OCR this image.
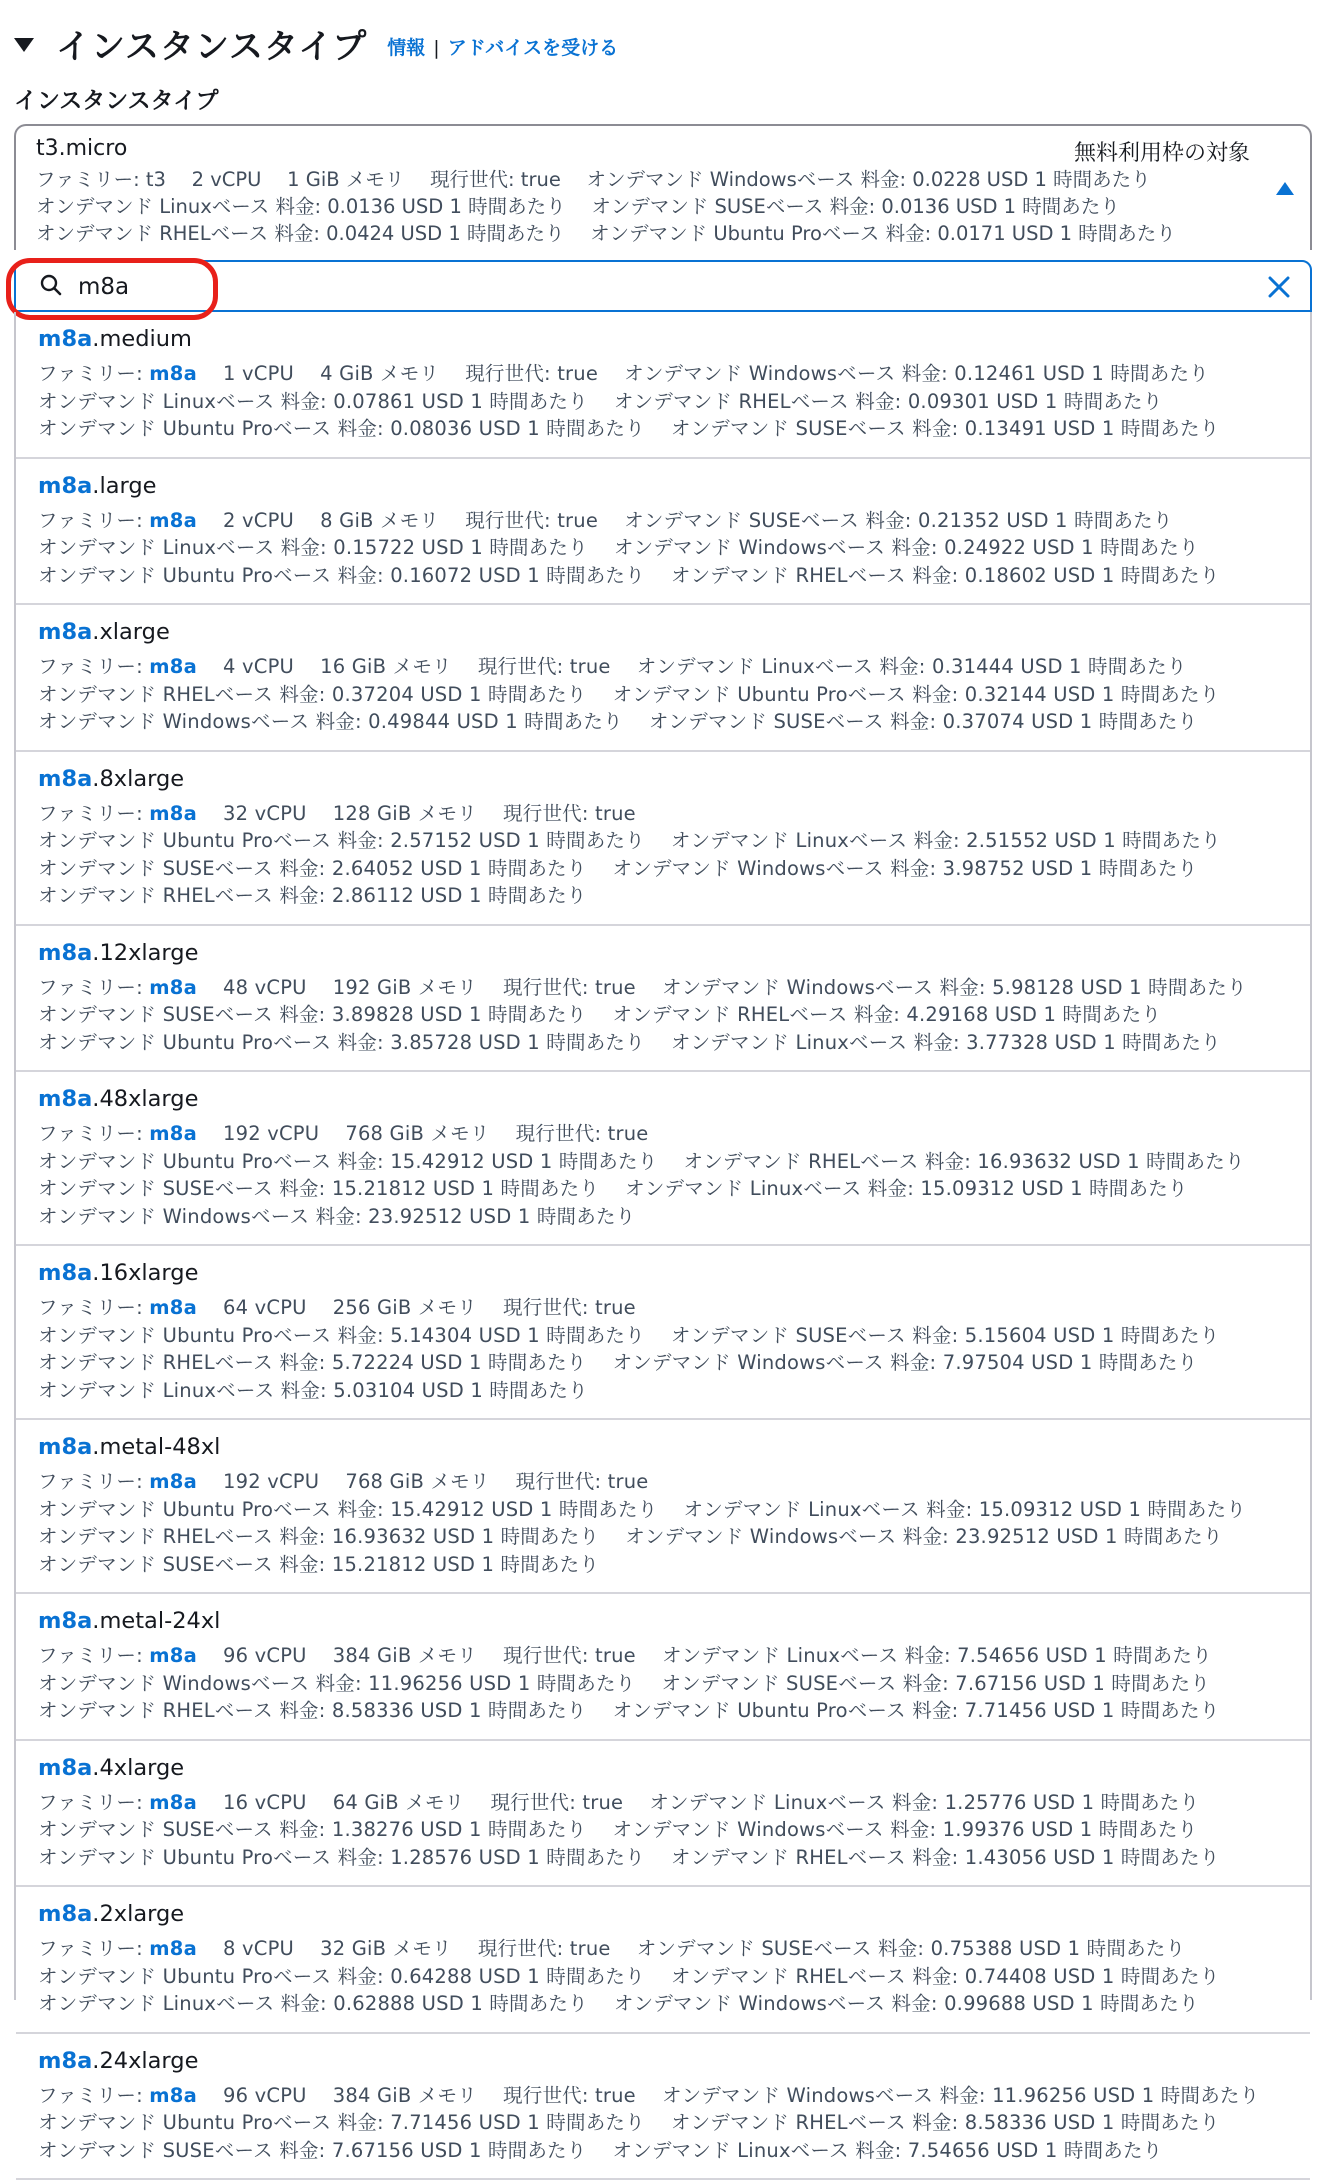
インスタンスタイプ 情報 | アドバイスを受ける
インスタンスタイプ
t3.micro	無料利用枠の対象
ファミリー: t3　 2 vCPU　 1 GiB メモリ　 現行世代: true　 オンデマンド Windowsベース 料金: 0.0228 USD 1 時間あたり
オンデマンド Linuxベース 料金: 0.0136 USD 1 時間あたり　 オンデマンド SUSEベース 料金: 0.0136 USD 1 時間あたり
オンデマンド RHELベース 料金: 0.0424 USD 1 時間あたり　 オンデマンド Ubuntu Proベース 料金: 0.0171 USD 1 時間あたり
m8a
m8a.medium
ファミリー: m8a　 1 vCPU　 4 GiB メモリ　 現行世代: true　 オンデマンド Windowsベース 料金: 0.12461 USD 1 時間あたり
オンデマンド Linuxベース 料金: 0.07861 USD 1 時間あたり　 オンデマンド RHELベース 料金: 0.09301 USD 1 時間あたり
オンデマンド Ubuntu Proベース 料金: 0.08036 USD 1 時間あたり　 オンデマンド SUSEベース 料金: 0.13491 USD 1 時間あたり
m8a.large
ファミリー: m8a　 2 vCPU　 8 GiB メモリ　 現行世代: true　 オンデマンド SUSEベース 料金: 0.21352 USD 1 時間あたり
オンデマンド Linuxベース 料金: 0.15722 USD 1 時間あたり　 オンデマンド Windowsベース 料金: 0.24922 USD 1 時間あたり
オンデマンド Ubuntu Proベース 料金: 0.16072 USD 1 時間あたり　 オンデマンド RHELベース 料金: 0.18602 USD 1 時間あたり
m8a.xlarge
ファミリー: m8a　 4 vCPU　 16 GiB メモリ　 現行世代: true　 オンデマンド Linuxベース 料金: 0.31444 USD 1 時間あたり
オンデマンド RHELベース 料金: 0.37204 USD 1 時間あたり　 オンデマンド Ubuntu Proベース 料金: 0.32144 USD 1 時間あたり
オンデマンド Windowsベース 料金: 0.49844 USD 1 時間あたり　 オンデマンド SUSEベース 料金: 0.37074 USD 1 時間あたり
m8a.8xlarge
ファミリー: m8a　 32 vCPU　 128 GiB メモリ　 現行世代: true
オンデマンド Ubuntu Proベース 料金: 2.57152 USD 1 時間あたり　 オンデマンド Linuxベース 料金: 2.51552 USD 1 時間あたり
オンデマンド SUSEベース 料金: 2.64052 USD 1 時間あたり　 オンデマンド Windowsベース 料金: 3.98752 USD 1 時間あたり
オンデマンド RHELベース 料金: 2.86112 USD 1 時間あたり
m8a.12xlarge
ファミリー: m8a　 48 vCPU　 192 GiB メモリ　 現行世代: true　 オンデマンド Windowsベース 料金: 5.98128 USD 1 時間あたり
オンデマンド SUSEベース 料金: 3.89828 USD 1 時間あたり　 オンデマンド RHELベース 料金: 4.29168 USD 1 時間あたり
オンデマンド Ubuntu Proベース 料金: 3.85728 USD 1 時間あたり　 オンデマンド Linuxベース 料金: 3.77328 USD 1 時間あたり
m8a.48xlarge
ファミリー: m8a　 192 vCPU　 768 GiB メモリ　 現行世代: true
オンデマンド Ubuntu Proベース 料金: 15.42912 USD 1 時間あたり　 オンデマンド RHELベース 料金: 16.93632 USD 1 時間あたり
オンデマンド SUSEベース 料金: 15.21812 USD 1 時間あたり　 オンデマンド Linuxベース 料金: 15.09312 USD 1 時間あたり
オンデマンド Windowsベース 料金: 23.92512 USD 1 時間あたり
m8a.16xlarge
ファミリー: m8a　 64 vCPU　 256 GiB メモリ　 現行世代: true
オンデマンド Ubuntu Proベース 料金: 5.14304 USD 1 時間あたり　 オンデマンド SUSEベース 料金: 5.15604 USD 1 時間あたり
オンデマンド RHELベース 料金: 5.72224 USD 1 時間あたり　 オンデマンド Windowsベース 料金: 7.97504 USD 1 時間あたり
オンデマンド Linuxベース 料金: 5.03104 USD 1 時間あたり
m8a.metal-48xl
ファミリー: m8a　 192 vCPU　 768 GiB メモリ　 現行世代: true
オンデマンド Ubuntu Proベース 料金: 15.42912 USD 1 時間あたり　 オンデマンド Linuxベース 料金: 15.09312 USD 1 時間あたり
オンデマンド RHELベース 料金: 16.93632 USD 1 時間あたり　 オンデマンド Windowsベース 料金: 23.92512 USD 1 時間あたり
オンデマンド SUSEベース 料金: 15.21812 USD 1 時間あたり
m8a.metal-24xl
ファミリー: m8a　 96 vCPU　 384 GiB メモリ　 現行世代: true　 オンデマンド Linuxベース 料金: 7.54656 USD 1 時間あたり
オンデマンド Windowsベース 料金: 11.96256 USD 1 時間あたり　 オンデマンド SUSEベース 料金: 7.67156 USD 1 時間あたり
オンデマンド RHELベース 料金: 8.58336 USD 1 時間あたり　 オンデマンド Ubuntu Proベース 料金: 7.71456 USD 1 時間あたり
m8a.4xlarge
ファミリー: m8a　 16 vCPU　 64 GiB メモリ　 現行世代: true　 オンデマンド Linuxベース 料金: 1.25776 USD 1 時間あたり
オンデマンド SUSEベース 料金: 1.38276 USD 1 時間あたり　 オンデマンド Windowsベース 料金: 1.99376 USD 1 時間あたり
オンデマンド Ubuntu Proベース 料金: 1.28576 USD 1 時間あたり　 オンデマンド RHELベース 料金: 1.43056 USD 1 時間あたり
m8a.2xlarge
ファミリー: m8a　 8 vCPU　 32 GiB メモリ　 現行世代: true　 オンデマンド SUSEベース 料金: 0.75388 USD 1 時間あたり
オンデマンド Ubuntu Proベース 料金: 0.64288 USD 1 時間あたり　 オンデマンド RHELベース 料金: 0.74408 USD 1 時間あたり
オンデマンド Linuxベース 料金: 0.62888 USD 1 時間あたり　 オンデマンド Windowsベース 料金: 0.99688 USD 1 時間あたり
m8a.24xlarge
ファミリー: m8a　 96 vCPU　 384 GiB メモリ　 現行世代: true　 オンデマンド Windowsベース 料金: 11.96256 USD 1 時間あたり
オンデマンド Ubuntu Proベース 料金: 7.71456 USD 1 時間あたり　 オンデマンド RHELベース 料金: 8.58336 USD 1 時間あたり
オンデマンド SUSEベース 料金: 7.67156 USD 1 時間あたり　 オンデマンド Linuxベース 料金: 7.54656 USD 1 時間あたり
